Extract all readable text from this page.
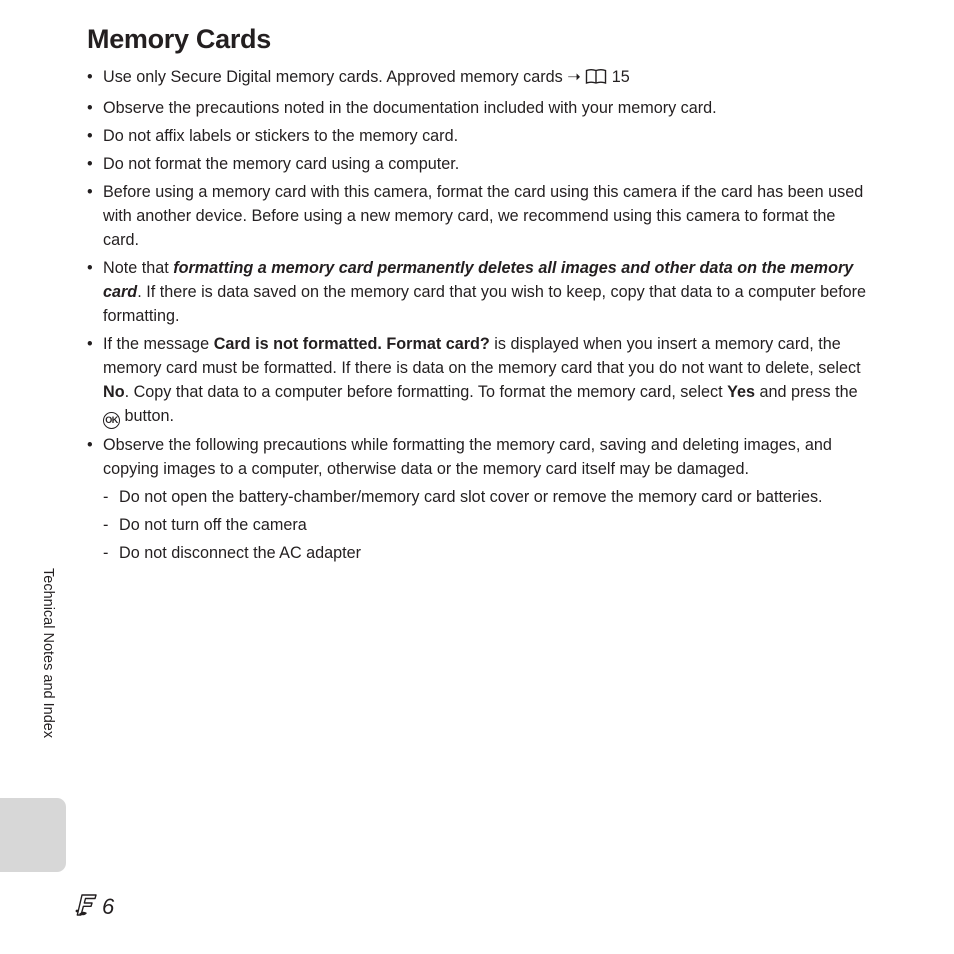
Memory Cards
• Use only Secure Digital memory cards. Approved memory cards ➝ 15
• Observe the precautions noted in the documentation included with your memory card.
• Do not affix labels or stickers to the memory card.
• Do not format the memory card using a computer.
• Before using a memory card with this camera, format the card using this camera if the card has been used with another device. Before using a new memory card, we recommend using this camera to format the card.
• Note that formatting a memory card permanently deletes all images and other data on the memory card. If there is data saved on the memory card that you wish to keep, copy that data to a computer before formatting.
• If the message Card is not formatted. Format card? is displayed when you insert a memory card, the memory card must be formatted. If there is data on the memory card that you do not want to delete, select No. Copy that data to a computer before formatting. To format the memory card, select Yes and press the OK button.
• Observe the following precautions while formatting the memory card, saving and deleting images, and copying images to a computer, otherwise data or the memory card itself may be damaged.
- Do not open the battery-chamber/memory card slot cover or remove the memory card or batteries.
- Do not turn off the camera
- Do not disconnect the AC adapter
Technical Notes and Index
6
